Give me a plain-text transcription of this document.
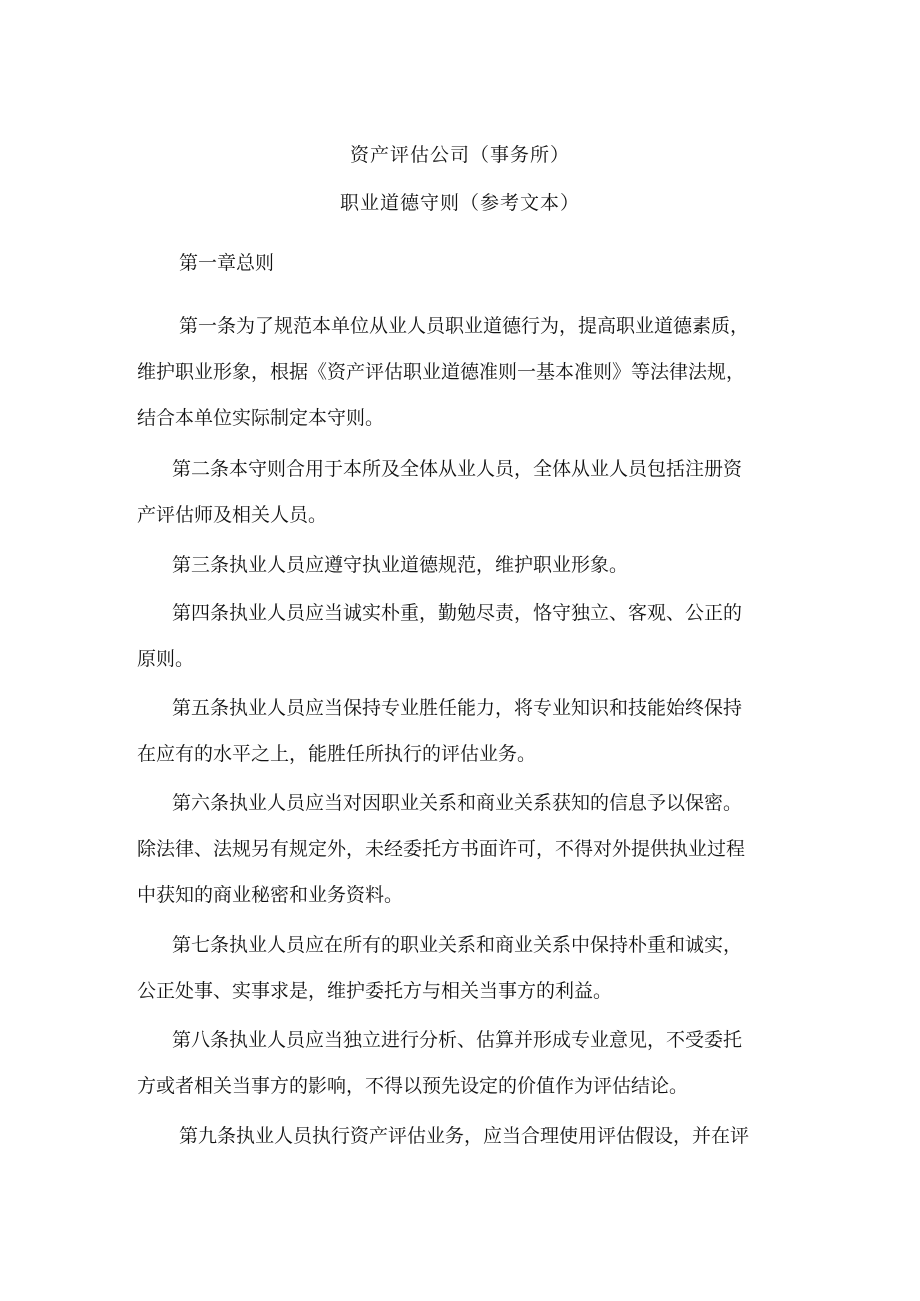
资产评估公司（事务所）
职业道德守则（参考文本）
第一章总则
第一条为了规范本单位从业人员职业道德行为，提高职业道德素质，
维护职业形象，根据《资产评估职业道德准则一基本准则》等法律法规，
结合本单位实际制定本守则。
第二条本守则合用于本所及全体从业人员，全体从业人员包括注册资
产评估师及相关人员。
第三条执业人员应遵守执业道德规范，维护职业形象。
第四条执业人员应当诚实朴重，勤勉尽责，恪守独立、客观、公正的
原则。
第五条执业人员应当保持专业胜任能力，将专业知识和技能始终保持
在应有的水平之上，能胜任所执行的评估业务。
第六条执业人员应当对因职业关系和商业关系获知的信息予以保密。
除法律、法规另有规定外，未经委托方书面许可，不得对外提供执业过程
中获知的商业秘密和业务资料。
第七条执业人员应在所有的职业关系和商业关系中保持朴重和诚实，
公正处事、实事求是，维护委托方与相关当事方的利益。
第八条执业人员应当独立进行分析、估算并形成专业意见，不受委托
方或者相关当事方的影响，不得以预先设定的价值作为评估结论。
第九条执业人员执行资产评估业务，应当合理使用评估假设，并在评
